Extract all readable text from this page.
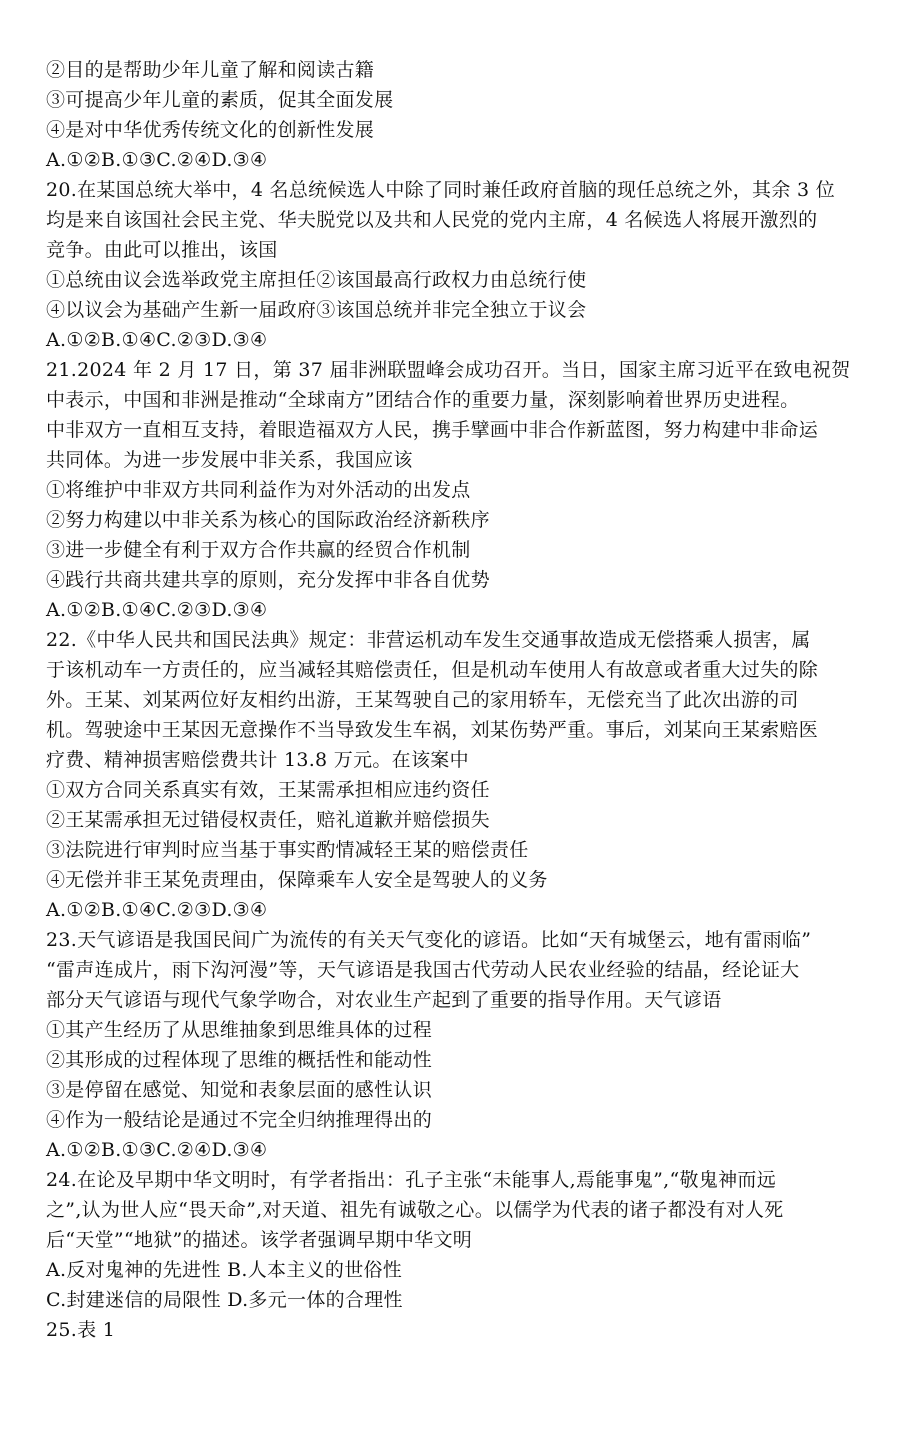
②目的是帮助少年儿童了解和阅读古籍
③可提高少年儿童的素质，促其全面发展
④是对中华优秀传统文化的创新性发展
A.①②B.①③C.②④D.③④
20.在某国总统大举中，4 名总统候选人中除了同时兼任政府首脑的现任总统之外，其余 3 位
均是来自该国社会民主党、华夫脱党以及共和人民党的党内主席，4 名候选人将展开激烈的
竞争。由此可以推出，该国
①总统由议会选举政党主席担任②该国最高行政权力由总统行使
④以议会为基础产生新一届政府③该国总统并非完全独立于议会
A.①②B.①④C.②③D.③④
21.2024 年 2 月 17 日，第 37 届非洲联盟峰会成功召开。当日，国家主席习近平在致电祝贺
中表示，中国和非洲是推动“全球南方”团结合作的重要力量，深刻影响着世界历史进程。
中非双方一直相互支持，着眼造福双方人民，携手擘画中非合作新蓝图，努力构建中非命运
共同体。为进一步发展中非关系，我国应该
①将维护中非双方共同利益作为对外活动的出发点
②努力构建以中非关系为核心的国际政治经济新秩序
③进一步健全有利于双方合作共赢的经贸合作机制
④践行共商共建共享的原则，充分发挥中非各自优势
A.①②B.①④C.②③D.③④
22.《中华人民共和国民法典》规定：非营运机动车发生交通事故造成无偿搭乘人损害，属
于该机动车一方责任的，应当减轻其赔偿责任，但是机动车使用人有故意或者重大过失的除
外。王某、刘某两位好友相约出游，王某驾驶自己的家用轿车，无偿充当了此次出游的司
机。驾驶途中王某因无意操作不当导致发生车祸，刘某伤势严重。事后，刘某向王某索赔医
疗费、精神损害赔偿费共计 13.8 万元。在该案中
①双方合同关系真实有效，王某需承担相应违约资任
②王某需承担无过错侵权责任，赔礼道歉并赔偿损失
③法院进行审判时应当基于事实酌情减轻王某的赔偿责任
④无偿并非王某免责理由，保障乘车人安全是驾驶人的义务
A.①②B.①④C.②③D.③④
23.天气谚语是我国民间广为流传的有关天气变化的谚语。比如“天有城堡云，地有雷雨临”
“雷声连成片，雨下沟河漫”等，天气谚语是我国古代劳动人民农业经验的结晶，经论证大
部分天气谚语与现代气象学吻合，对农业生产起到了重要的指导作用。天气谚语
①其产生经历了从思维抽象到思维具体的过程
②其形成的过程体现了思维的概括性和能动性
③是停留在感觉、知觉和表象层面的感性认识
④作为一般结论是通过不完全归纳推理得出的
A.①②B.①③C.②④D.③④
24.在论及早期中华文明时，有学者指出：孔子主张“未能事人,焉能事鬼”,“敬鬼神而远
之”,认为世人应“畏天命”,对天道、祖先有诚敬之心。以儒学为代表的诸子都没有对人死
后“天堂”“地狱”的描述。该学者强调早期中华文明
A.反对鬼神的先进性 B.人本主义的世俗性
C.封建迷信的局限性 D.多元一体的合理性
25.表 1
